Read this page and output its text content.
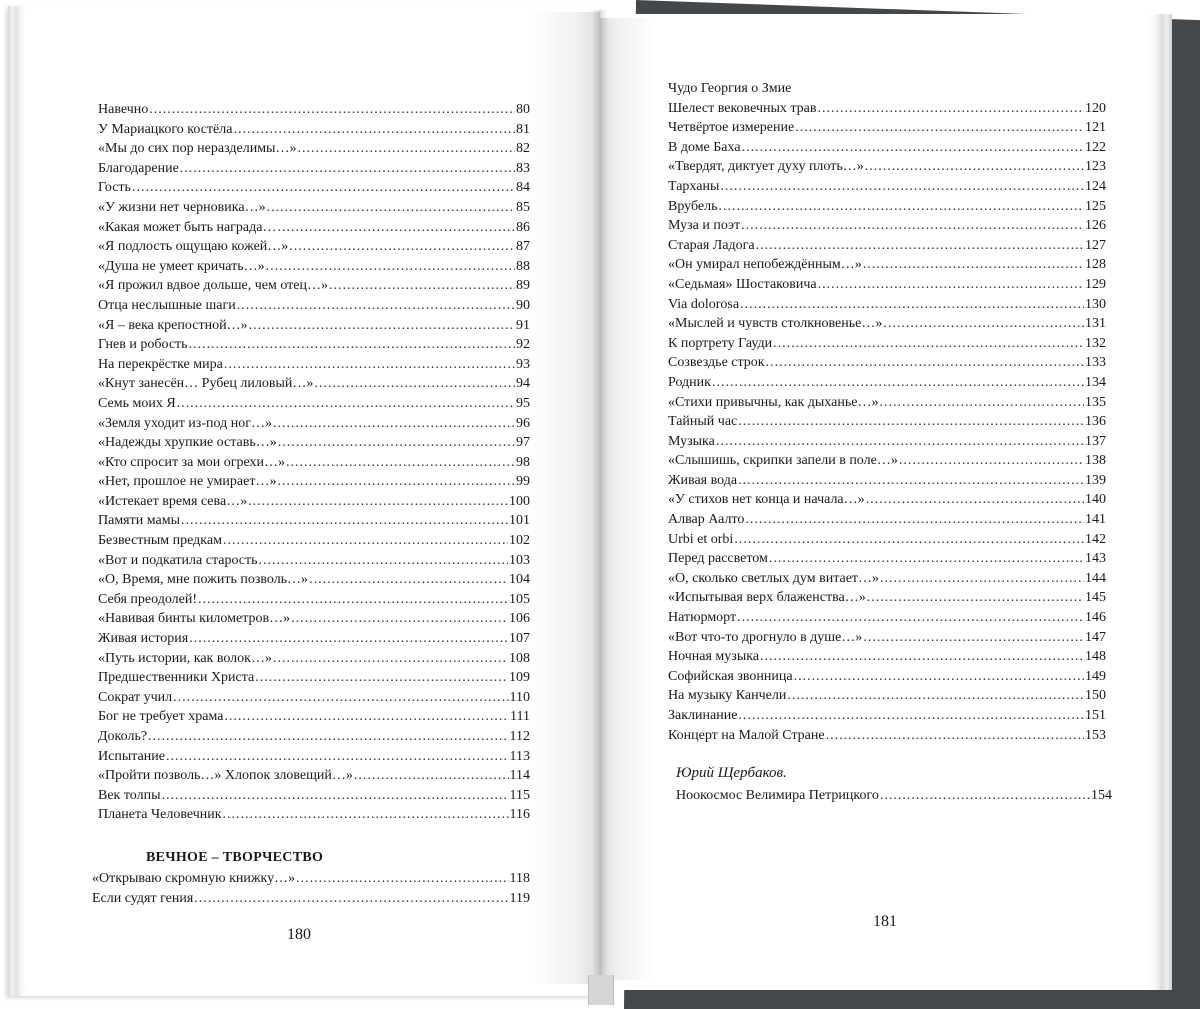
Навечно .....	80
У Мариацкого костёла .....	81
«Мы до сих пор неразделимы…» .....	82
Благодарение .....	83
Гость .....	84
«У жизни нет черновика…» .....	85
«Какая может быть награда… .....	86
«Я подлость ощущаю кожей…» .....	87
«Душа не умеет кричать…» .....	88
«Я прожил вдвое дольше, чем отец…» .....	89
Отца неслышные шаги .....	90
«Я – века крепостной…» .....	91
Гнев и робость .....	92
На перекрёстке мира .....	93
«Кнут занесён… Рубец лиловый…» .....	94
Семь моих Я .....	95
«Земля уходит из-под ног…» .....	96
«Надежды хрупкие оставь…» .....	97
«Кто спросит за мои огрехи…» .....	98
«Нет, прошлое не умирает…» .....	99
«Истекает время сева…» .....	100
Памяти мамы .....	101
Безвестным предкам .....	102
«Вот и подкатила старость .....	103
«О, Время, мне пожить позволь…» .....	104
Себя преодолей! .....	105
«Навивая бинты километров…» .....	106
Живая история .....	107
«Путь истории, как волок…» .....	108
Предшественники Христа .....	109
Сократ учил .....	110
Бог не требует храма .....	111
Доколь? .....	112
Испытание .....	113
«Пройти позволь…» Хлопок зловещий…» .....	114
Век толпы .....	115
Планета Человечник .....	116
ВЕЧНОЕ – ТВОРЧЕСТВО
«Открываю скромную книжку…» .....	118
Если судят гения .....	119
180
Чудо Георгия о Змие
Шелест вековечных трав .....	120
Четвёртое измерение .....	121
В доме Баха .....	122
«Твердят, диктует духу плоть…» .....	123
Тарханы .....	124
Врубель .....	125
Муза и поэт .....	126
Старая Ладога .....	127
«Он умирал непобеждённым…» .....	128
«Седьмая» Шостаковича .....	129
Via dolorosa .....	130
«Мыслей и чувств столкновенье…» .....	131
К портрету Гауди .....	132
Созвездье строк .....	133
Родник .....	134
«Стихи привычны, как дыханье…» .....	135
Тайный час .....	136
Музыка .....	137
«Слышишь, скрипки запели в поле…» .....	138
Живая вода .....	139
«У стихов нет конца и начала…» .....	140
Алвар Аалто .....	141
Urbi et orbi .....	142
Перед рассветом .....	143
«О, сколько светлых дум витает…» .....	144
«Испытывая верх блаженства…» .....	145
Натюрморт .....	146
«Вот что-то дрогнуло в душе…» .....	147
Ночная музыка .....	148
Софийская звонница .....	149
На музыку Канчели .....	150
Заклинание .....	151
Концерт на Малой Стране .....	153
Юрий Щербаков.
Ноокосмос Велимира Петрицкого .....	154
181
